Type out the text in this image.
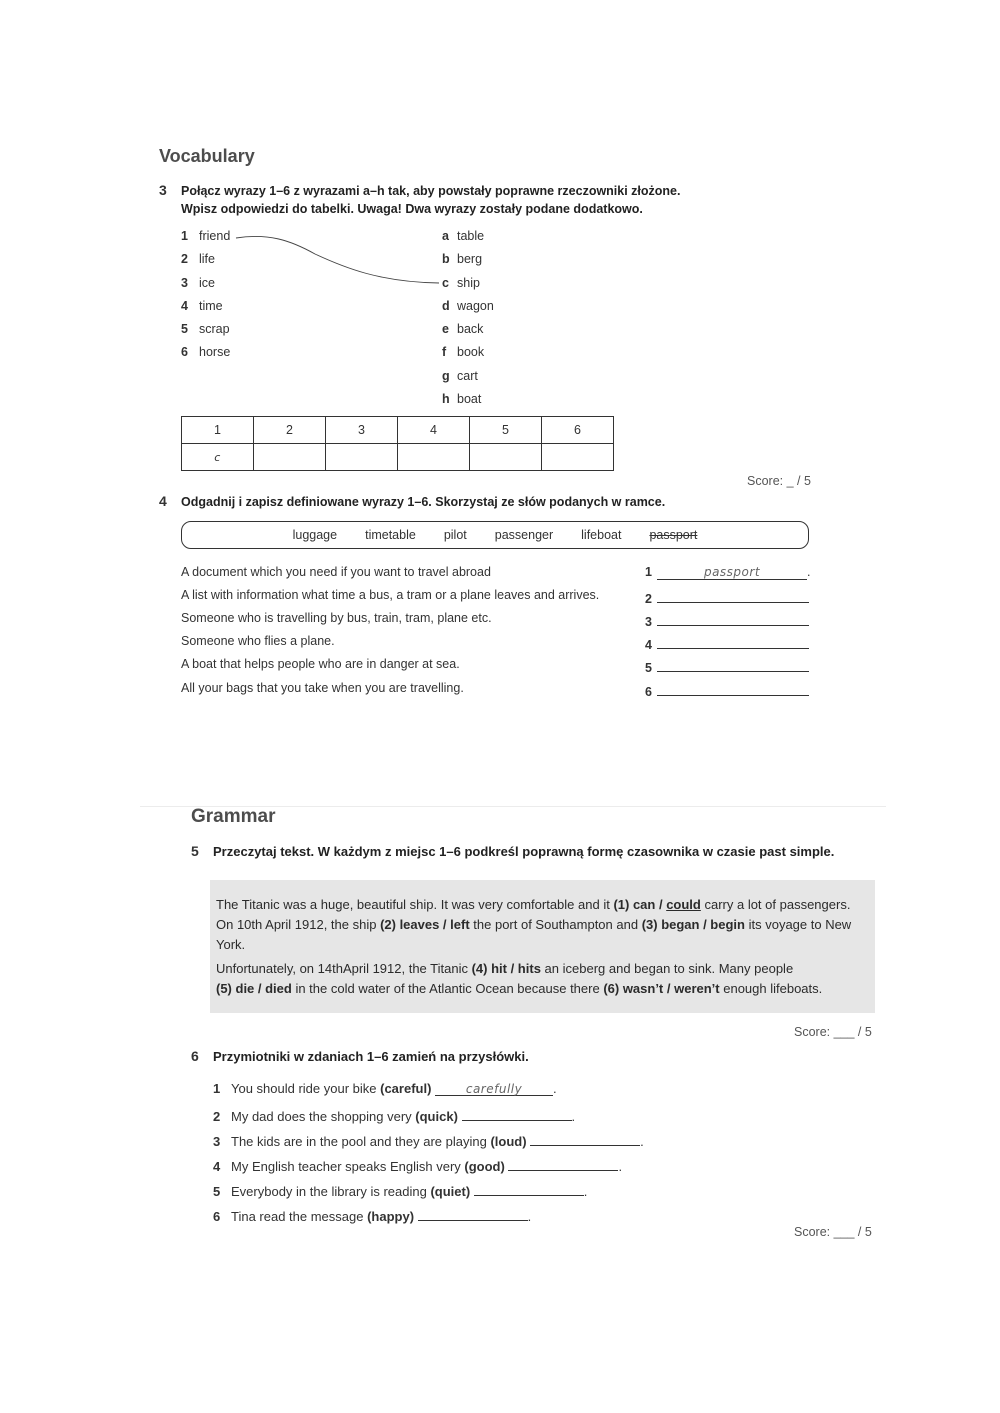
Vocabulary
3 Połącz wyrazy 1–6 z wyrazami a–h tak, aby powstały poprawne rzeczowniki złożone.
Wpisz odpowiedzi do tabelki. Uwaga! Dwa wyrazy zostały podane dodatkowo.
1 friend
2 life
3 ice
4 time
5 scrap
6 horse
a table
b berg
c ship
d wagon
e back
f book
g cart
h boat
1	2	3	4	5	6
c					
Score: _ / 5
4 Odgadnij i zapisz definiowane wyrazy 1–6. Skorzystaj ze słów podanych w ramce.
luggage timetable pilot passenger lifeboat passport
A document which you need if you want to travel abroad
A list with information what time a bus, a tram or a plane leaves and arrives.
Someone who is travelling by bus, train, tram, plane etc.
Someone who flies a plane.
A boat that helps people who are in danger at sea.
All your bags that you take when you are travelling.
1	passport	.
2
3
4
5
6
Grammar
5 Przeczytaj tekst. W każdym z miejsc 1–6 podkreśl poprawną formę czasownika w czasie past simple.

The Titanic was a huge, beautiful ship. It was very comfortable and it (1) can / could carry a lot of passengers.
On 10th April 1912, the ship (2) leaves / left the port of Southampton and (3) began / begin its voyage to New York.

Unfortunately, on 14thApril 1912, the Titanic (4) hit / hits an iceberg and began to sink. Many people
(5) die / died in the cold water of the Atlantic Ocean because there (6) wasn’t / weren’t enough lifeboats.

Score: ___ / 5
6 Przymiotniki w zdaniach 1–6 zamień na przysłówki.
1 You should ride your bike (careful)	carefully .
2 My dad does the shopping very (quick)	.
3 The kids are in the pool and they are playing (loud)	.
4 My English teacher speaks English very (good)	.
5 Everybody in the library is reading (quiet)	.
6 Tina read the message (happy)	.
Score: ___ / 5
